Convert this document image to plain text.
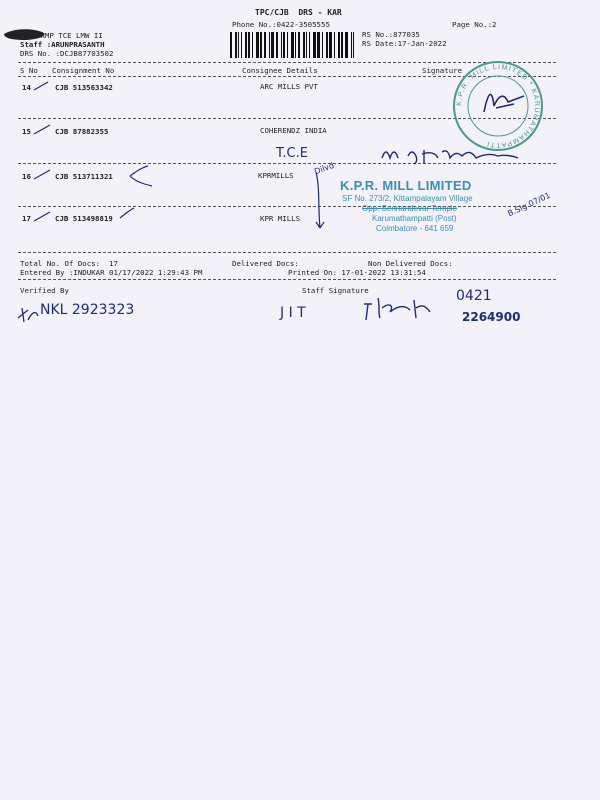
TPC/CJB  DRS - KAR
Phone No.:0422-3505555	Page No.:2
:KMP TCE LMW II
Staff :ARUNPRASANTH
DRS No. :DCJB87703502
RS No.:877035
RS Date:17-Jan-2022
S No Consignment No	Consignee Details	Signature
14	CJB 513563342	ARC MILLS PVT
15	CJB 87882355	COHERENDZ INDIA
16	CJB 513711321	KPRMILLS
17	CJB 513498819	KPR MILLS
T.C.E
Dilvd
B.Sig 07/01
K.P.R. MILL LIMITED * KARUMATHAMPATTI
K.P.R. MILL LIMITED
SF No. 273/2, Kittampalayam Village
Opp. Sennandevar Temple
Karumathampatti (Post)
Coimbatore - 641 659
Total No. Of Docs:  17	Delivered Docs:	Non Delivered Docs:
Entered By :INDUKAR 01/17/2022 1:29:43 PM	Printed On: 17-01-2022 13:31:54
Verified By	Staff Signature
NKL 2923323	J I T
0421
2264900
